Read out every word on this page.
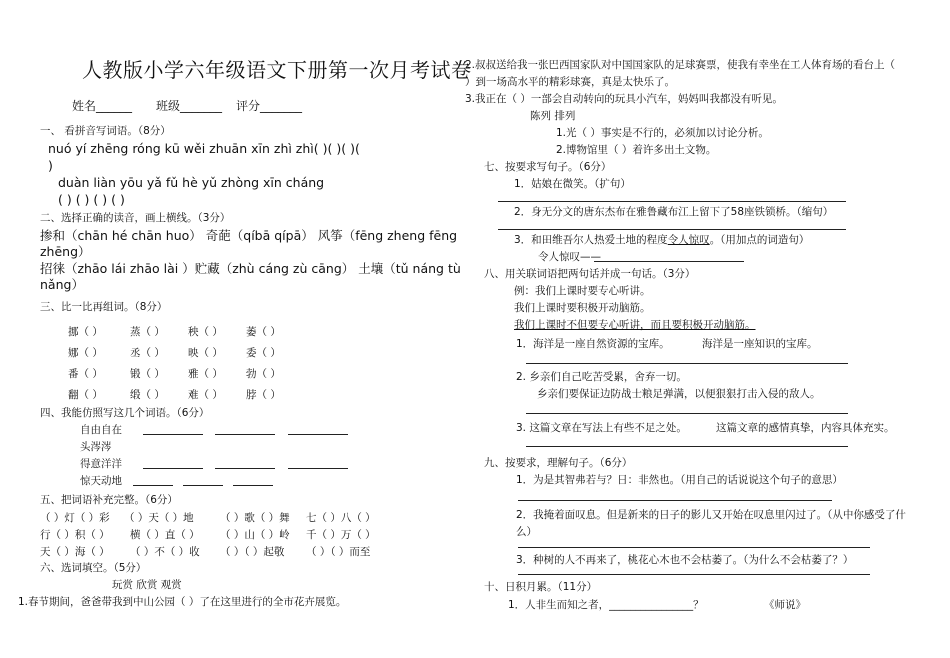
人教版小学六年级语文下册第一次月考试卷
姓名______ 班级_______ 评分_______
一、 看拼音写词语。（8分）
nuó yí zhēng róng kū wěi zhuān xīn zhì zhì( )( )( )(
)
duàn liàn yōu yǎ fǔ hè yǔ zhòng xīn cháng
( ) ( ) ( ) ( )
二、选择正确的读音，画上横线。（3分）
掺和（chān hé chān huo） 奇葩（qíbā qípā） 风筝（fēng zheng fēng
zhēng）
招徕（zhāo lái zhāo lài ）贮藏（zhù cáng zù cāng） 土壤（tǔ náng tù
nǎng）
三、比一比再组词。（8分）
挪（ ）	蒸（ ） 秧（ ） 萎（ ）
娜（ ）	丞（ ） 映（ ） 委（ ）
番（ ）	锻（ ） 雅（ ） 勃（ ）
翻（ ）	缎（ ） 难（ ） 脖（ ）
四、我能仿照写这几个词语。（6分）
自由自在
头涔涔
得意洋洋
惊天动地
五、把词语补充完整。（6分）
（ ）灯（ ）彩 （ ）天（ ）地	（ ）歌（ ）舞 七（ ）八（ ）
行（ ）积（ ） 横（ ）直（ ） （ ）山（ ）岭 千（ ）万（ ）
天（ ）海（ ） （ ）不（ ）收 （ ）（ ）起敬 （ ）（ ）而至
六、选词填空。（5分）
玩赏 欣赏 观赏
1.春节期间，爸爸带我到中山公园（ ）了在这里进行的全市花卉展览。
2.叔叔送给我一张巴西国家队对中国国家队的足球赛票，使我有幸坐在工人体育场的看台上（
）到一场高水平的精彩球赛，真是太快乐了。
3.我正在（ ）一部会自动转向的玩具小汽车，妈妈叫我都没有听见。
陈列 排列
1.光（ ）事实是不行的，必须加以讨论分析。
2.博物馆里（ ）着许多出土文物。
七、按要求写句子。（6分）
1．姑娘在微笑。（扩句）
2．身无分文的唐东杰布在雅鲁藏布江上留下了58座铁锁桥。（缩句）
3．和田维吾尔人热爱土地的程度令人惊叹。（用加点的词造句）
令人惊叹——
八、用关联词语把两句话并成一句话。（3分）
例：我们上课时要专心听讲。
我们上课时要积极开动脑筋。
我们上课时不但要专心听讲，而且要积极开动脑筋。
1．海洋是一座自然资源的宝库。	海洋是一座知识的宝库。
2. 乡亲们自己吃苦受累，舍弃一切。
乡亲们要保证边防战士粮足弹满，以便狠狠打击入侵的敌人。
3. 这篇文章在写法上有些不足之处。	这篇文章的感情真挚，内容具体充实。
九、按要求，理解句子。（6分）
1．为是其智弗若与？日：非然也。（用自己的话说说这个句子的意思）
2．我掩着面叹息。但是新来的日子的影儿又开始在叹息里闪过了。（从中你感受了什
么）
3．种树的人不再来了，桃花心木也不会枯萎了。（为什么不会枯萎了？）
十、日积月累。（11分）
1．人非生而知之者，________________？	《师说》
